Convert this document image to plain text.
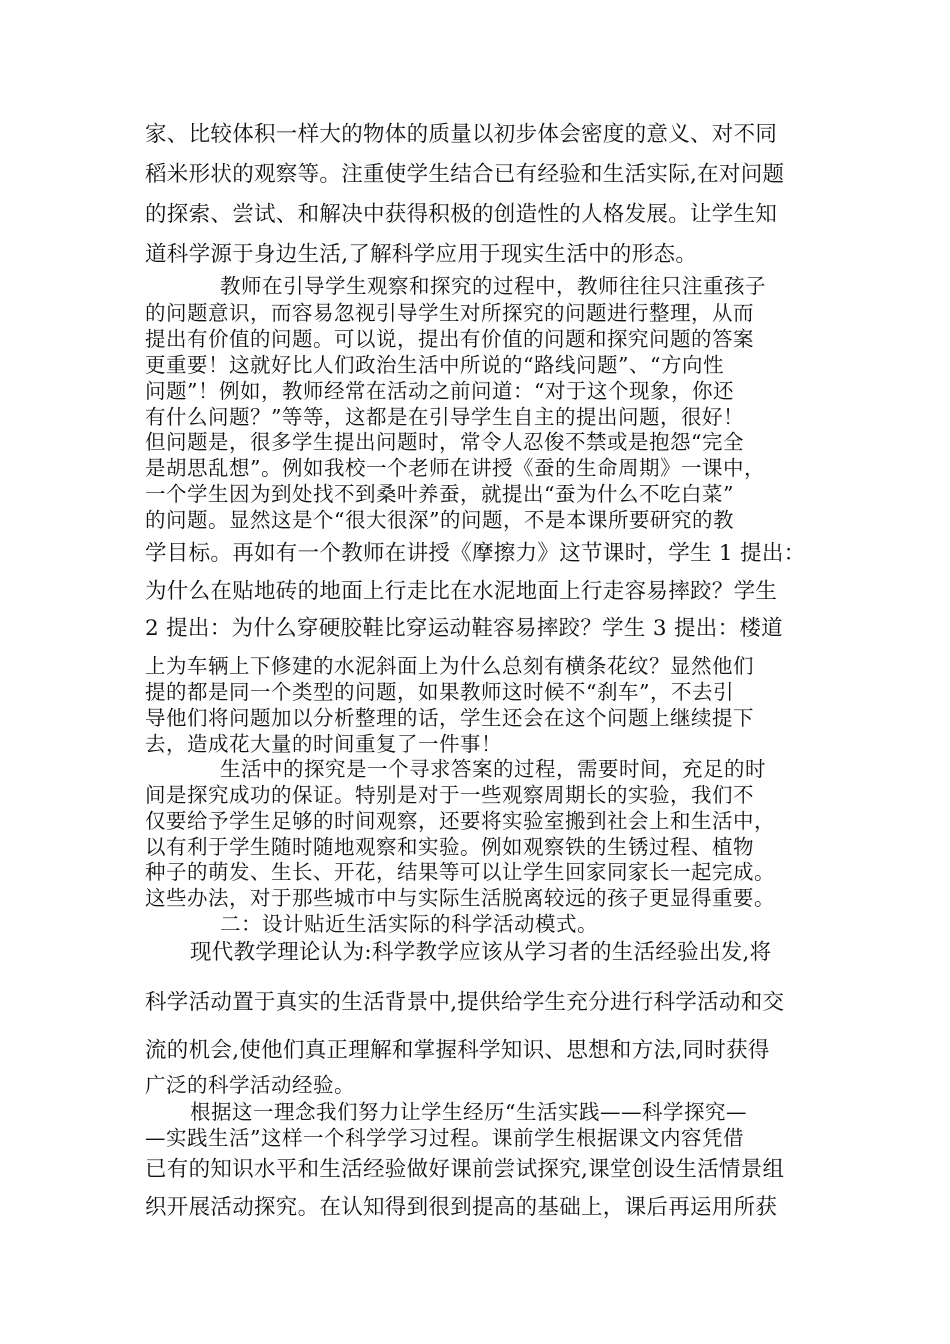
家、比较体积一样大的物体的质量以初步体会密度的意义、对不同
稻米形状的观察等。注重使学生结合已有经验和生活实际,在对问题
的探索、尝试、和解决中获得积极的创造性的人格发展。让学生知
道科学源于身边生活,了解科学应用于现实生活中的形态。
教师在引导学生观察和探究的过程中，教师往往只注重孩子
的问题意识，而容易忽视引导学生对所探究的问题进行整理，从而
提出有价值的问题。可以说，提出有价值的问题和探究问题的答案
更重要！这就好比人们政治生活中所说的“路线问题”、“方向性
问题”！例如，教师经常在活动之前问道：“对于这个现象，你还
有什么问题？”等等，这都是在引导学生自主的提出问题，很好！
但问题是，很多学生提出问题时，常令人忍俊不禁或是抱怨“完全
是胡思乱想”。例如我校一个老师在讲授《蚕的生命周期》一课中，
一个学生因为到处找不到桑叶养蚕，就提出“蚕为什么不吃白菜”
的问题。显然这是个“很大很深”的问题，不是本课所要研究的教
学目标。再如有一个教师在讲授《摩擦力》这节课时，学生 1 提出：
为什么在贴地砖的地面上行走比在水泥地面上行走容易摔跤？学生
2 提出：为什么穿硬胶鞋比穿运动鞋容易摔跤？学生 3 提出：楼道
上为车辆上下修建的水泥斜面上为什么总刻有横条花纹？显然他们
提的都是同一个类型的问题，如果教师这时候不“刹车”，不去引
导他们将问题加以分析整理的话，学生还会在这个问题上继续提下
去，造成花大量的时间重复了一件事！
生活中的探究是一个寻求答案的过程，需要时间，充足的时
间是探究成功的保证。特别是对于一些观察周期长的实验，我们不
仅要给予学生足够的时间观察，还要将实验室搬到社会上和生活中，
以有利于学生随时随地观察和实验。例如观察铁的生锈过程、植物
种子的萌发、生长、开花，结果等可以让学生回家同家长一起完成。
这些办法，对于那些城市中与实际生活脱离较远的孩子更显得重要。
二：设计贴近生活实际的科学活动模式。
现代教学理论认为:科学教学应该从学习者的生活经验出发,将
科学活动置于真实的生活背景中,提供给学生充分进行科学活动和交
流的机会,使他们真正理解和掌握科学知识、思想和方法,同时获得
广泛的科学活动经验。
根据这一理念我们努力让学生经历“生活实践——科学探究—
—实践生活”这样一个科学学习过程。课前学生根据课文内容凭借
已有的知识水平和生活经验做好课前尝试探究,课堂创设生活情景组
织开展活动探究。在认知得到很到提高的基础上，课后再运用所获
